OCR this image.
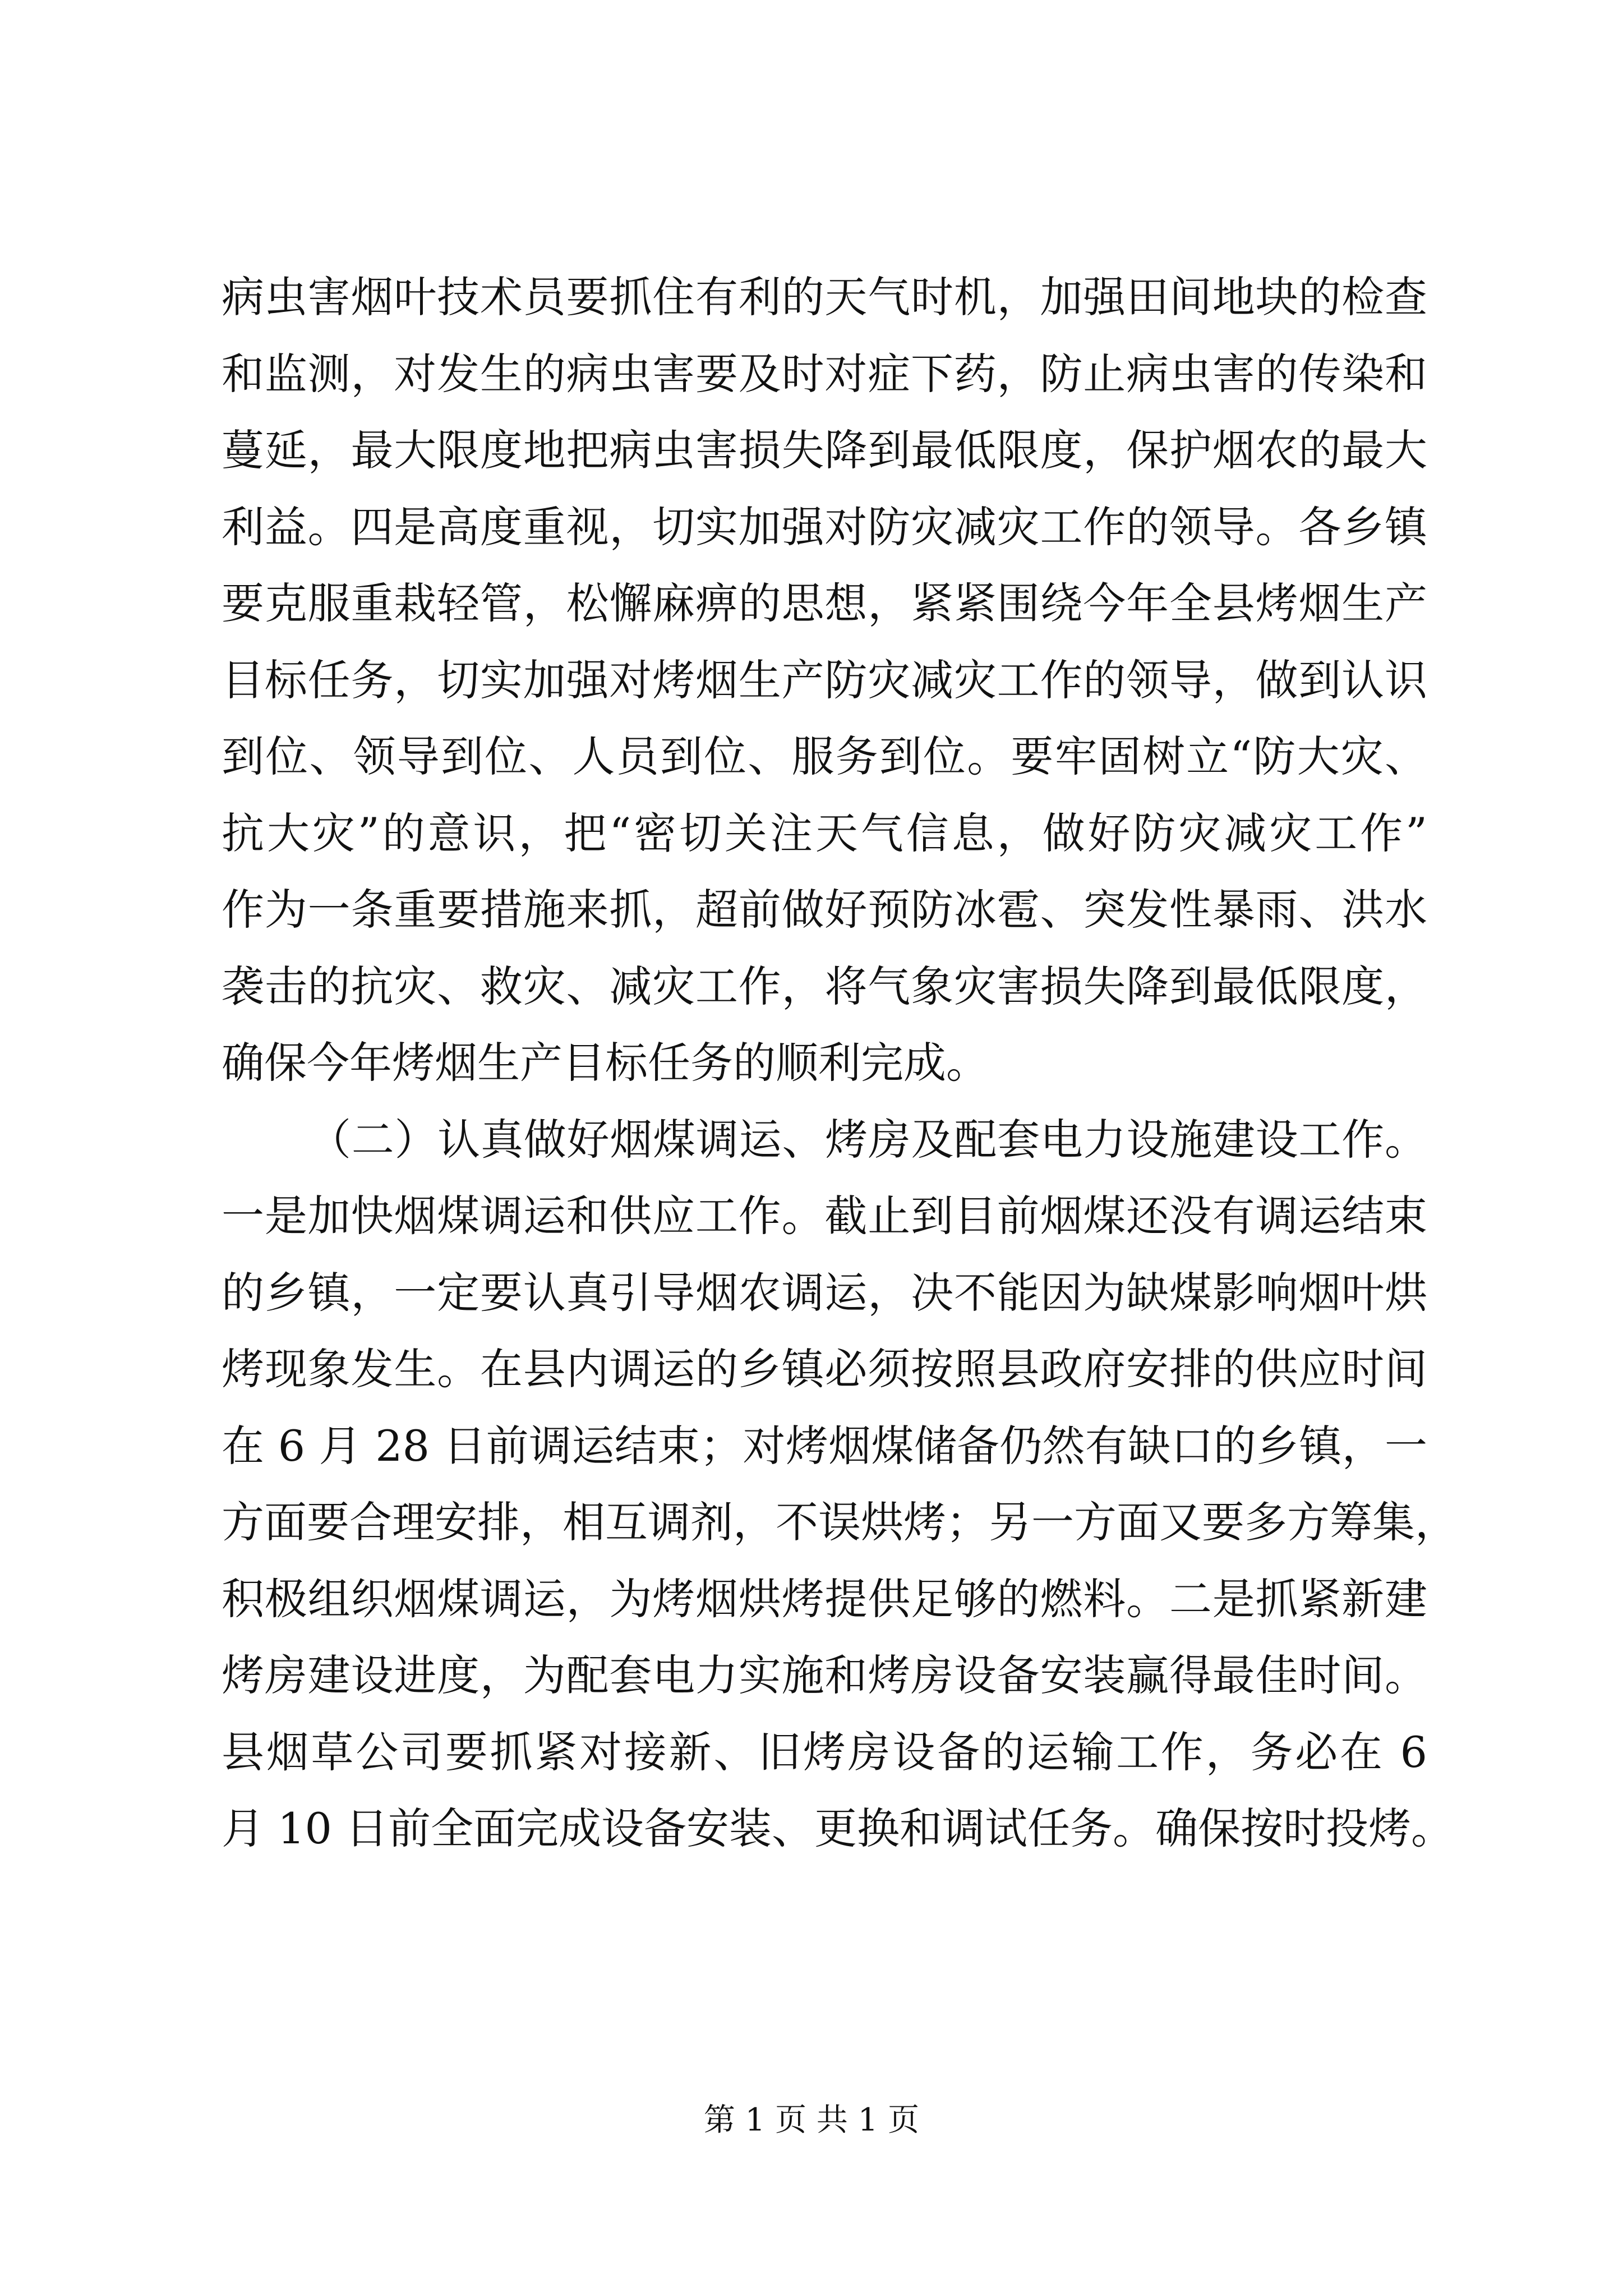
病虫害烟叶技术员要抓住有利的天气时机，加强田间地块的检查
和监测，对发生的病虫害要及时对症下药，防止病虫害的传染和
蔓延，最大限度地把病虫害损失降到最低限度，保护烟农的最大
利益。四是高度重视，切实加强对防灾减灾工作的领导。各乡镇
要克服重栽轻管，松懈麻痹的思想，紧紧围绕今年全县烤烟生产
目标任务，切实加强对烤烟生产防灾减灾工作的领导，做到认识
到位、领导到位、人员到位、服务到位。要牢固树立“防大灾、
抗大灾”的意识，把“密切关注天气信息，做好防灾减灾工作”
作为一条重要措施来抓，超前做好预防冰雹、突发性暴雨、洪水
袭击的抗灾、救灾、减灾工作，将气象灾害损失降到最低限度，
确保今年烤烟生产目标任务的顺利完成。
（二）认真做好烟煤调运、烤房及配套电力设施建设工作。
一是加快烟煤调运和供应工作。截止到目前烟煤还没有调运结束
的乡镇，一定要认真引导烟农调运，决不能因为缺煤影响烟叶烘
烤现象发生。在县内调运的乡镇必须按照县政府安排的供应时间
在 6 月 28 日前调运结束；对烤烟煤储备仍然有缺口的乡镇，一
方面要合理安排，相互调剂，不误烘烤；另一方面又要多方筹集，
积极组织烟煤调运，为烤烟烘烤提供足够的燃料。二是抓紧新建
烤房建设进度，为配套电力实施和烤房设备安装赢得最佳时间。
县烟草公司要抓紧对接新、旧烤房设备的运输工作，务必在 6
月 10 日前全面完成设备安装、更换和调试任务。确保按时投烤。
第 1 页 共 1 页
